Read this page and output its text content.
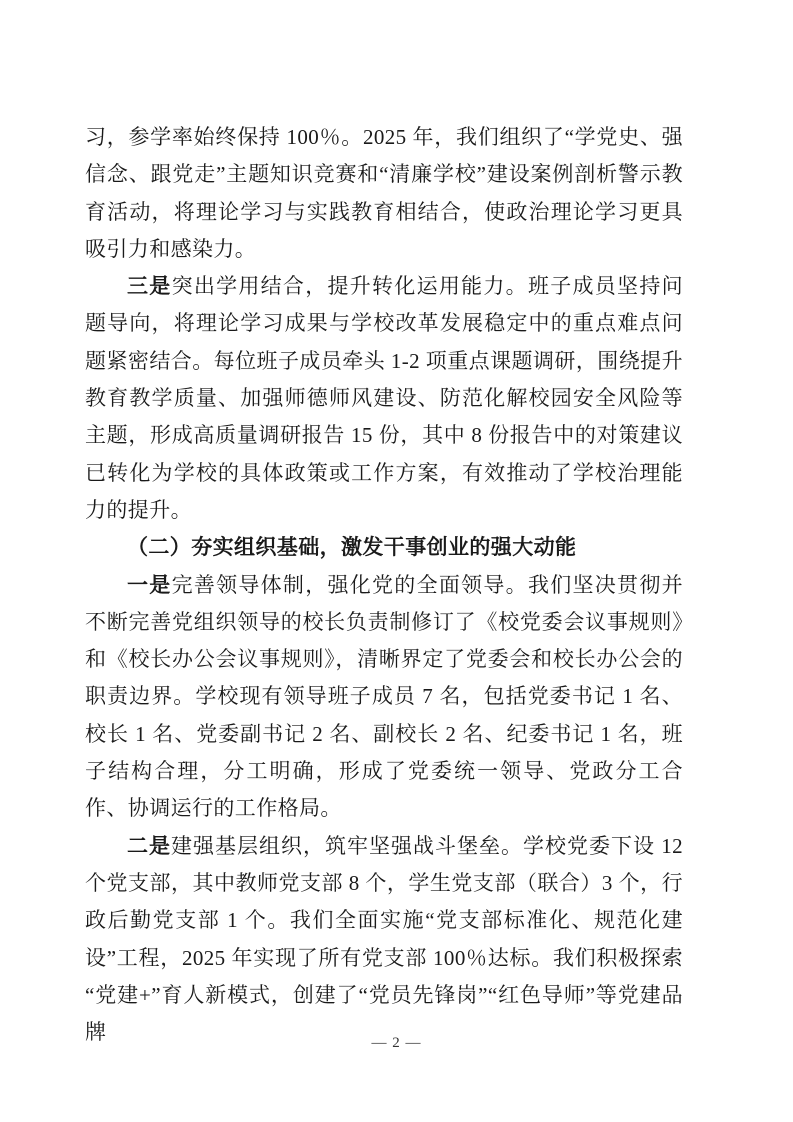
习，参学率始终保持 100％。2025 年，我们组织了“学党史、强信念、跟党走”主题知识竞赛和“清廉学校”建设案例剖析警示教育活动，将理论学习与实践教育相结合，使政治理论学习更具吸引力和感染力。

三是突出学用结合，提升转化运用能力。班子成员坚持问题导向，将理论学习成果与学校改革发展稳定中的重点难点问题紧密结合。每位班子成员牵头 1-2 项重点课题调研，围绕提升教育教学质量、加强师德师风建设、防范化解校园安全风险等主题，形成高质量调研报告 15 份，其中 8 份报告中的对策建议已转化为学校的具体政策或工作方案，有效推动了学校治理能力的提升。

（二）夯实组织基础，激发干事创业的强大动能

一是完善领导体制，强化党的全面领导。我们坚决贯彻并不断完善党组织领导的校长负责制修订了《校党委会议事规则》和《校长办公会议事规则》，清晰界定了党委会和校长办公会的职责边界。学校现有领导班子成员 7 名，包括党委书记 1 名、校长 1 名、党委副书记 2 名、副校长 2 名、纪委书记 1 名，班子结构合理，分工明确，形成了党委统一领导、党政分工合作、协调运行的工作格局。

二是建强基层组织，筑牢坚强战斗堡垒。学校党委下设 12 个党支部，其中教师党支部 8 个，学生党支部（联合）3 个，行政后勤党支部 1 个。我们全面实施“党支部标准化、规范化建设”工程，2025 年实现了所有党支部 100％达标。我们积极探索“党建+”育人新模式，创建了“党员先锋岗”“红色导师”等党建品牌	— 2 —
